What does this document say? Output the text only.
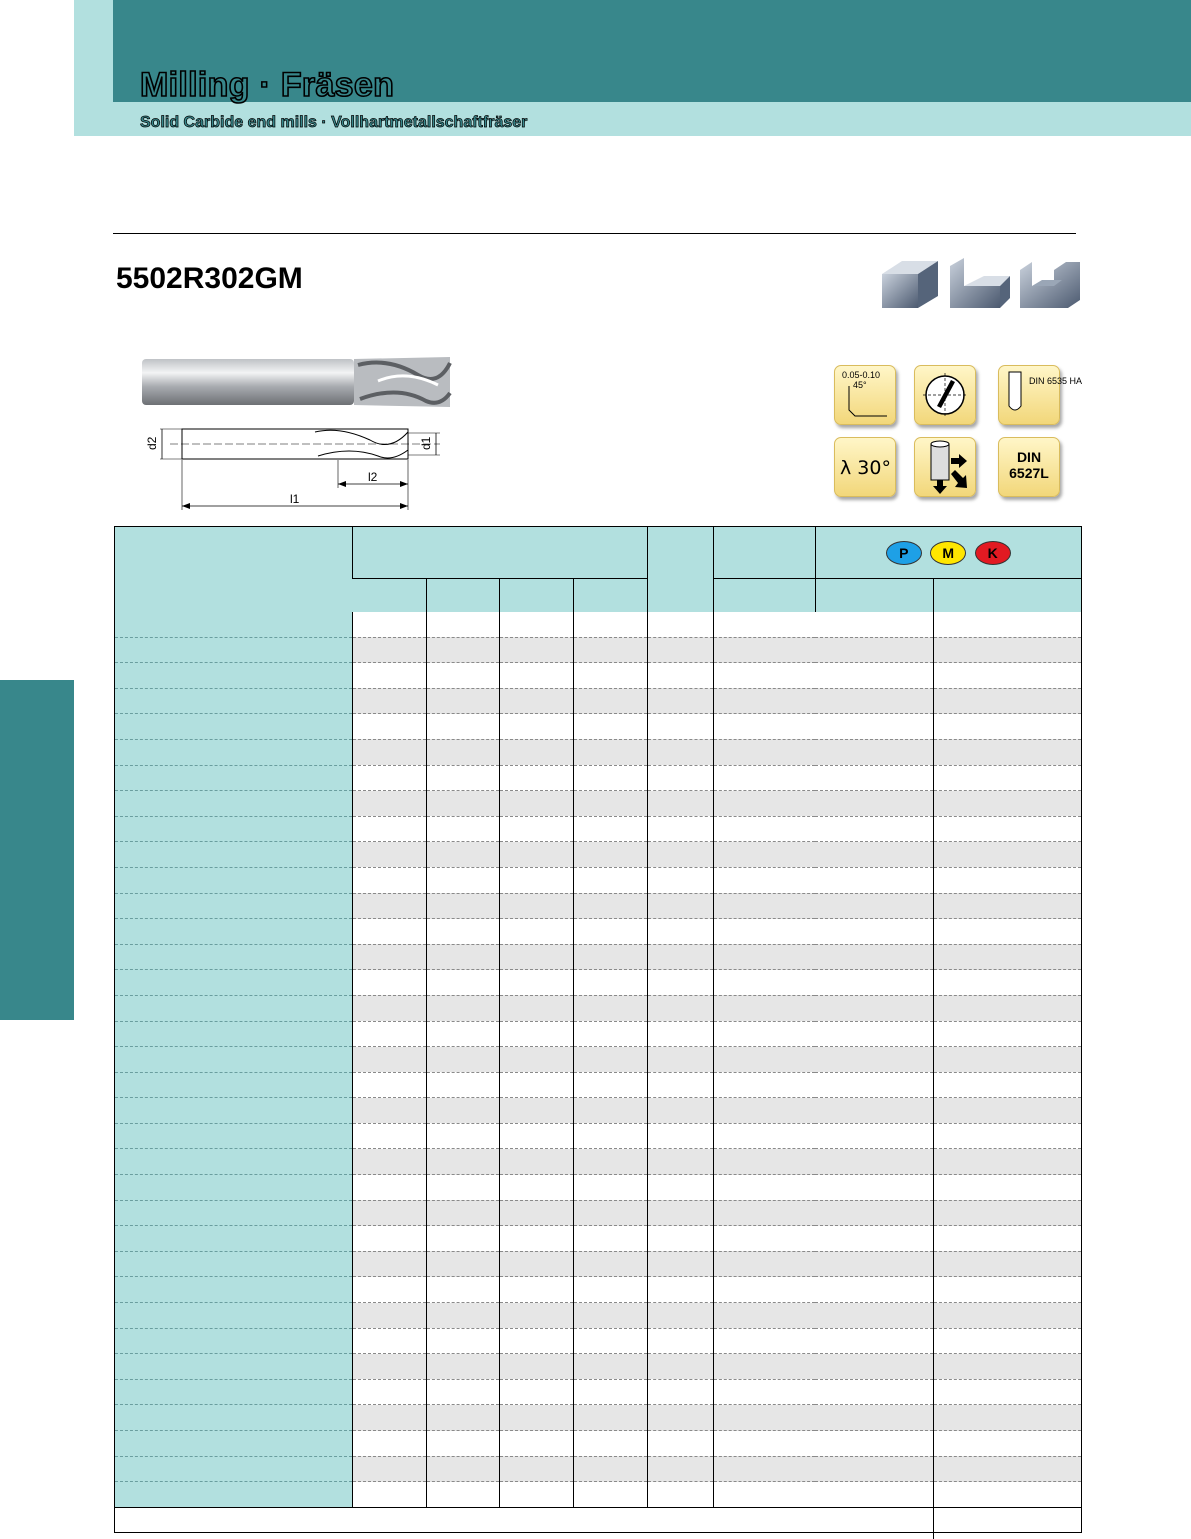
Milling · Fräsen
Solid Carbide end mills · Vollhartmetallschaftfräser
5502R302GM
d2	d1
l2
l1
0.05-0.10
45°	DIN 6535 HA
λ 30°	DIN
6527L
							P M K	
